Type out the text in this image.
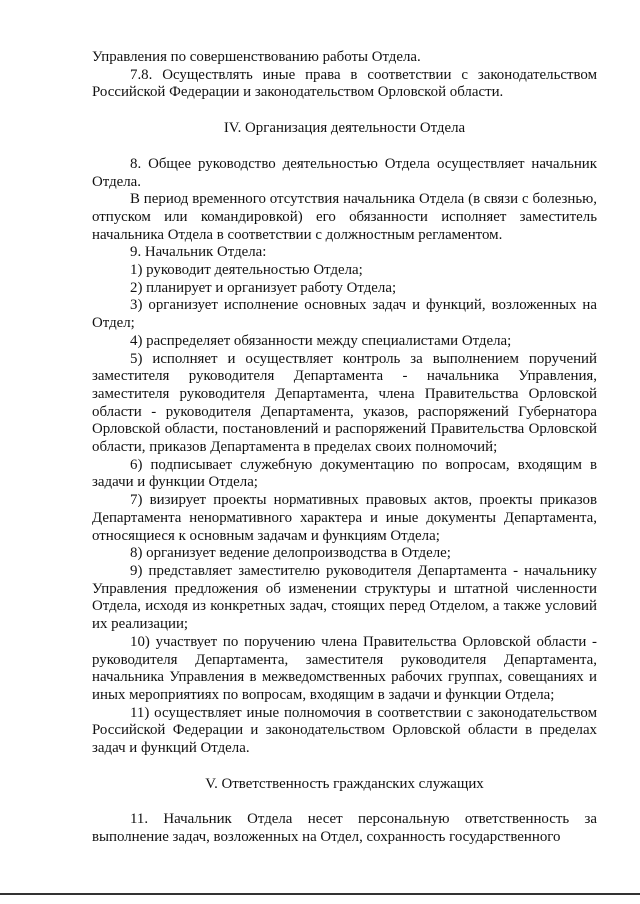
Управления по совершенствованию работы Отдела.

7.8. Осуществлять иные права в соответствии с законодательством Российской Федерации и законодательством Орловской области.

IV. Организация деятельности Отдела

8. Общее руководство деятельностью Отдела осуществляет начальник Отдела.

В период временного отсутствия начальника Отдела (в связи с болезнью, отпуском или командировкой) его обязанности исполняет заместитель начальника Отдела в соответствии с должностным регламентом.

9. Начальник Отдела:

1) руководит деятельностью Отдела;

2) планирует и организует работу Отдела;

3) организует исполнение основных задач и функций, возложенных на Отдел;

4) распределяет обязанности между специалистами Отдела;

5) исполняет и осуществляет контроль за выполнением поручений заместителя руководителя Департамента - начальника Управления, заместителя руководителя Департамента, члена Правительства Орловской области - руководителя Департамента, указов, распоряжений Губернатора Орловской области, постановлений и распоряжений Правительства Орловской области, приказов Департамента в пределах своих полномочий;

6) подписывает служебную документацию по вопросам, входящим в задачи и функции Отдела;

7) визирует проекты нормативных правовых актов, проекты приказов Департамента ненормативного характера и иные документы Департамента, относящиеся к основным задачам и функциям Отдела;

8) организует ведение делопроизводства в Отделе;

9) представляет заместителю руководителя Департамента - начальнику Управления предложения об изменении структуры и штатной численности Отдела, исходя из конкретных задач, стоящих перед Отделом, а также условий их реализации;

10) участвует по поручению члена Правительства Орловской области - руководителя Департамента, заместителя руководителя Департамента, начальника Управления в межведомственных рабочих группах, совещаниях и иных мероприятиях по вопросам, входящим в задачи и функции Отдела;

11) осуществляет иные полномочия в соответствии с законодательством Российской Федерации и законодательством Орловской области в пределах задач и функций Отдела.

V. Ответственность гражданских служащих

11. Начальник Отдела несет персональную ответственность за выполнение задач, возложенных на Отдел, сохранность государственного
